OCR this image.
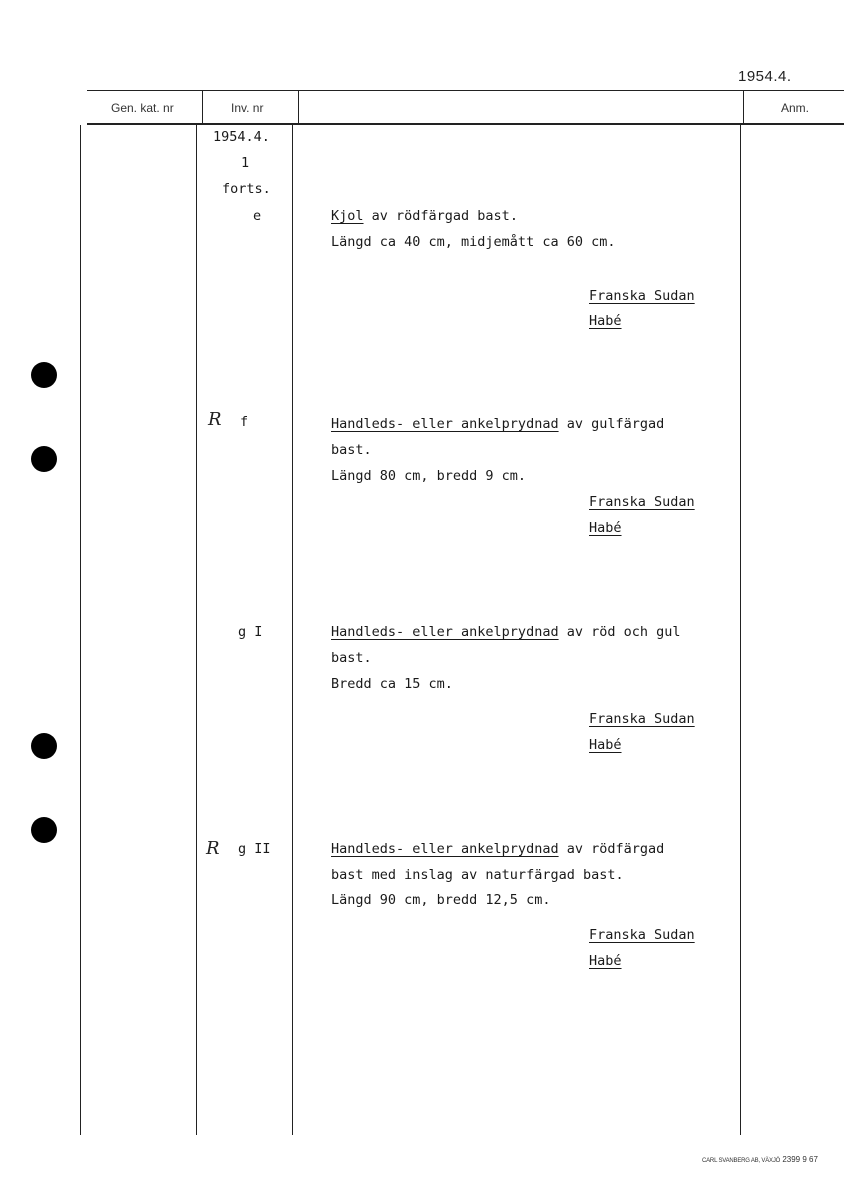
1954.4.
Gen. kat. nr	Inv. nr	Anm.
1954.4.
1
forts.
e	Kjol av rödfärgad bast.
Längd ca 40 cm, midjemått ca 60 cm.
Franska Sudan
Habé
R f	Handleds- eller ankelprydnad av gulfärgad
bast.
Längd 80 cm, bredd 9 cm.
Franska Sudan
Habé
g I	Handleds- eller ankelprydnad av röd och gul
bast.
Bredd ca 15 cm.
Franska Sudan
Habé
R g II	Handleds- eller ankelprydnad av rödfärgad
bast med inslag av naturfärgad bast.
Längd 90 cm, bredd 12,5 cm.
Franska Sudan
Habé
CARL SVANBERG AB, VÄXJÖ 2399 9 67
